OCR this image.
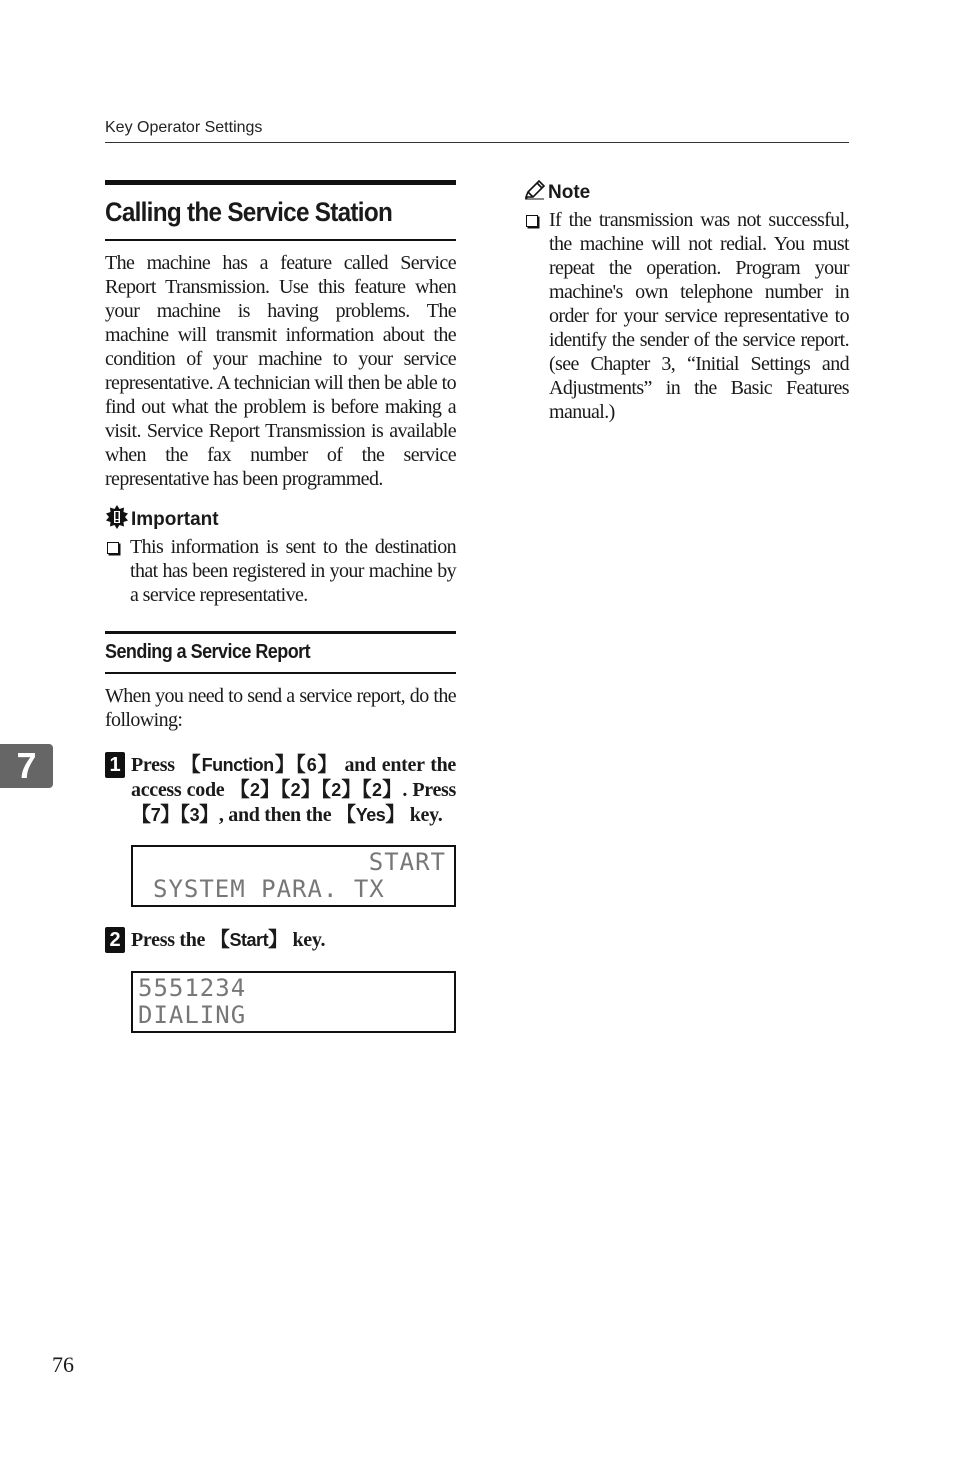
Key Operator Settings
7
Calling the Service Station

The machine has a feature called Service Report Transmission. Use this feature when your machine is having problems. The machine will transmit information about the condition of your machine to your service representative. A technician will then be able to find out what the problem is before making a visit. Service Report Transmission is available when the fax number of the service representative has been programmed.

Important
This information is sent to the destination that has been registered in your machine by a service representative.
Sending a Service Report

When you need to send a service report, do the following:

1 Press 【Function】【6】 and enter the access code 【2】【2】【2】【2】. Press 【7】【3】, and then the 【Yes】 key.
START
SYSTEM PARA. TX
2 Press the 【Start】 key.
5551234
DIALING
Note
If the transmission was not successful, the machine will not redial. You must repeat the operation. Program your machine's own telephone number in order for your service representative to identify the sender of the service report. (see Chapter 3, “Initial Settings and Adjustments” in the Basic Features manual.)
76
